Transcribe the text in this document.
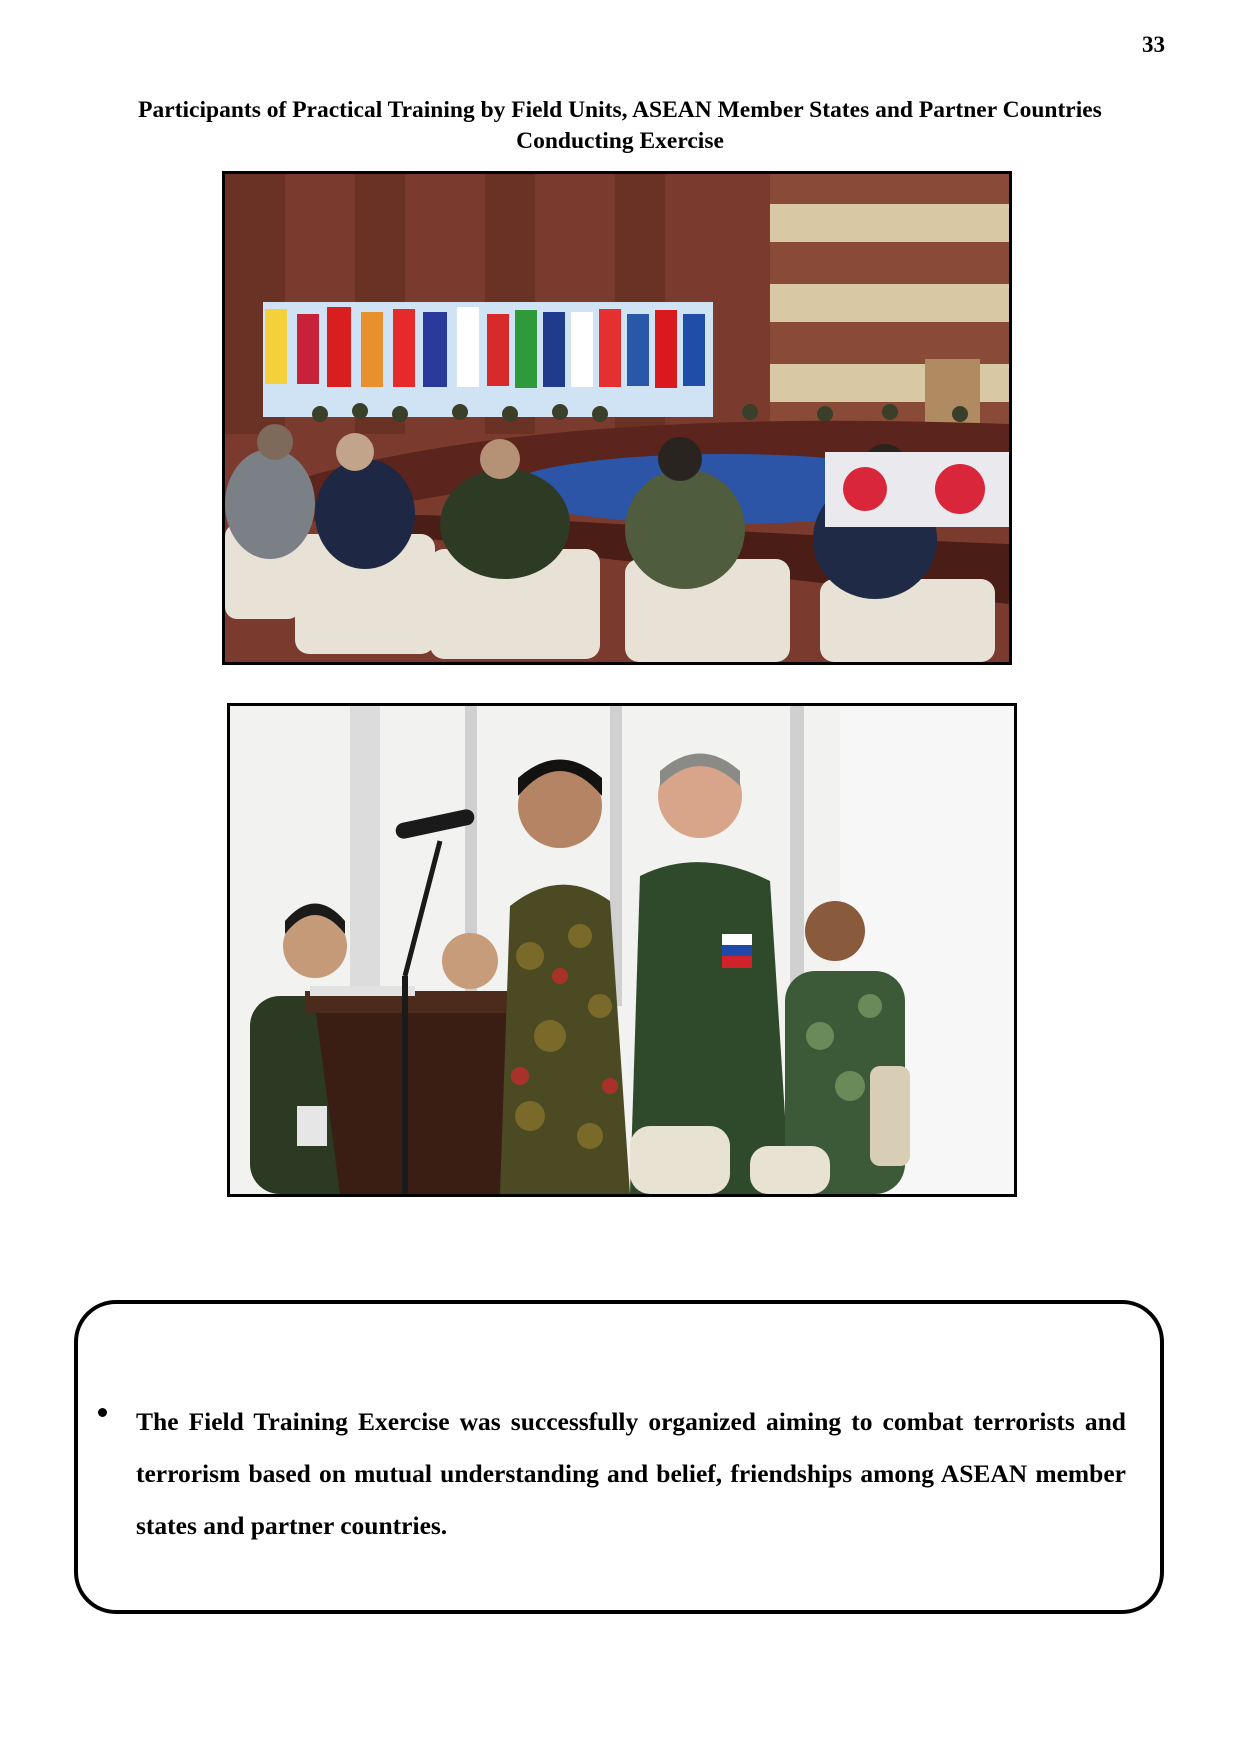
33
Participants of Practical Training by Field Units, ASEAN Member States and Partner Countries
Conducting Exercise
The Field Training Exercise was successfully organized aiming to combat terrorists and terrorism based on mutual understanding and belief, friendships among ASEAN member states and partner countries.
